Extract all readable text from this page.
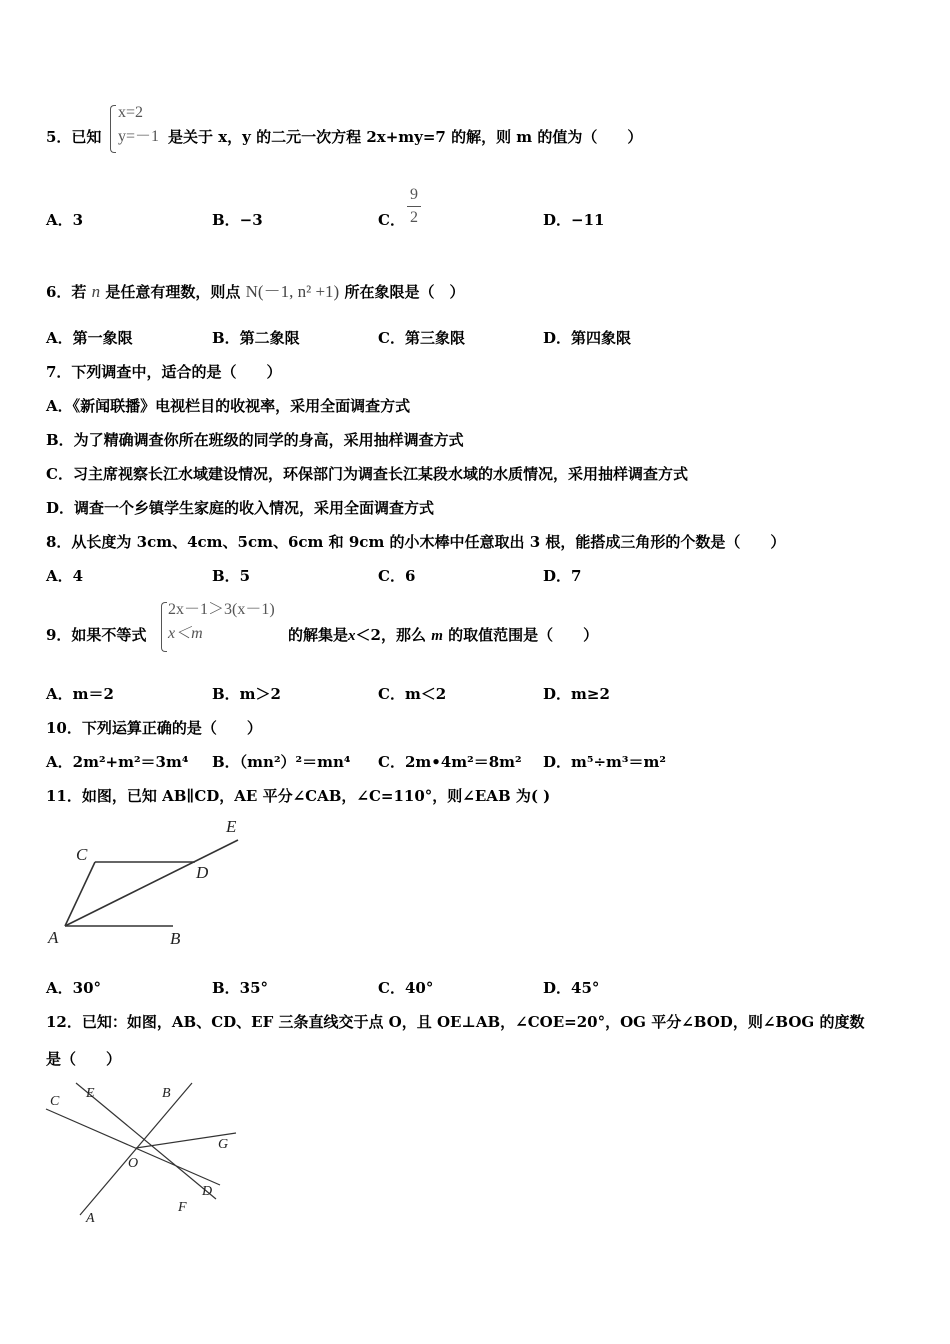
5．已知
x=2
y=－1 是关于 x，y 的二元一次方程 2x+my=7 的解，则 m 的值为（　　）
A．3	B．−3	C．
9
2	D．−11
6．若 n 是任意有理数，则点 N(－1, n² +1) 所在象限是（　）
A．第一象限	B．第二象限	C．第三象限	D．第四象限
7．下列调查中，适合的是（　　）
A．《新闻联播》电视栏目的收视率，采用全面调查方式
B．为了精确调查你所在班级的同学的身高，采用抽样调查方式
C．习主席视察长江水域建设情况，环保部门为调查长江某段水域的水质情况，采用抽样调查方式
D．调查一个乡镇学生家庭的收入情况，采用全面调查方式
8．从长度为 3cm、4cm、5cm、6cm 和 9cm 的小木棒中任意取出 3 根，能搭成三角形的个数是（　　）
A．4	B．5	C．6	D．7
9．如果不等式
2x－1＞3(x－1)
x＜m	的解集是x＜2，那么 m 的取值范围是（　　）
A．m＝2	B．m＞2	C．m＜2	D．m≥2
10．下列运算正确的是（　　）
A．2m²+m²＝3m⁴ B．（mn²）²＝mn⁴ C．2m•4m²＝8m² D．m⁵÷m³＝m²
11．如图，已知 AB∥CD，AE 平分∠CAB，∠C=110°，则∠EAB 为( )
A	B
C
D
E
A．30°	B．35°	C．40°	D．45°
12．已知：如图，AB、CD、EF 三条直线交于点 O，且 OE⊥AB，∠COE=20°，OG 平分∠BOD，则∠BOG 的度数
是（　　）
A
B
C
D
E
F
G
O
